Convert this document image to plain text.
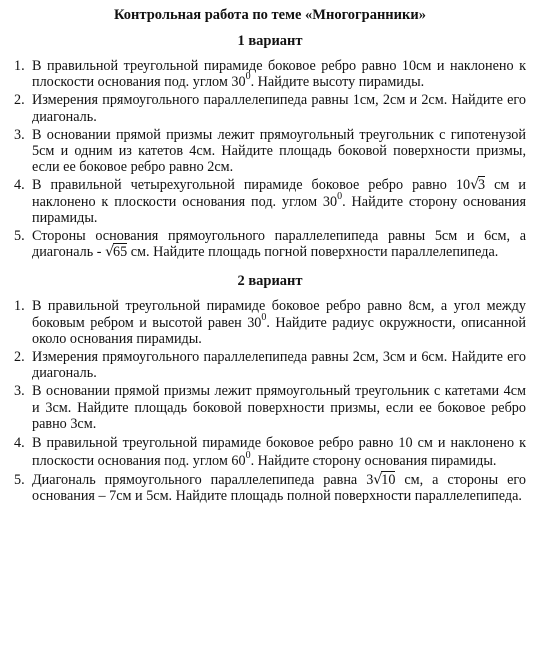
Контрольная работа по теме «Многогранники»
1 вариант
1. В правильной треугольной пирамиде боковое ребро равно 10см и наклонено к плоскости основания под. углом $30^0$. Найдите высоту пирамиды.
2. Измерения прямоугольного параллелепипеда равны 1см, 2см и 2см. Найдите его диагональ.
3. В основании прямой призмы лежит прямоугольный треугольник с гипотенузой 5см и одним из катетов 4см. Найдите площадь боковой поверхности призмы, если ее боковое ребро равно 2см.
4. В правильной четырехугольной пирамиде боковое ребро равно 10√3 см и наклонено к плоскости основания под. углом $30^0$. Найдите сторону основания пирамиды.
5. Стороны основания прямоугольного параллелепипеда равны 5см и 6см, а диагональ - √65 см. Найдите площадь погной поверхности параллелепипеда.
2 вариант
1. В правильной треугольной пирамиде боковое ребро равно 8см, а угол между боковым ребром и высотой равен $30^0$. Найдите радиус окружности, описанной около основания пирамиды.
2. Измерения прямоугольного параллелепипеда равны 2см, 3см и 6см. Найдите его диагональ.
3. В основании прямой призмы лежит прямоугольный треугольник с катетами 4см и 3см. Найдите площадь боковой поверхности призмы, если ее боковое ребро равно 3см.
4. В правильной треугольной пирамиде боковое ребро равно 10 см и наклонено к плоскости основания под. углом $60^0$. Найдите сторону основания пирамиды.
5. Диагональ прямоугольного параллелепипеда равна 3√10 см, а стороны его основания – 7см и 5см. Найдите площадь полной поверхности параллелепипеда.
